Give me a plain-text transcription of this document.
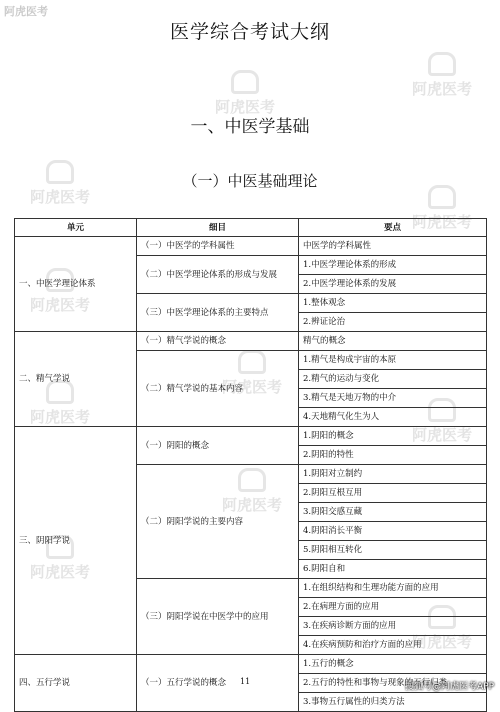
阿虎医考
阿虎医考
阿虎医考
阿虎医考
阿虎医考
阿虎医考
阿虎医考
阿虎医考
阿虎医考
阿虎医考
阿虎医考
阿虎医考
医学综合考试大纲
一、中医学基础
（一）中医基础理论
单元	细目	要点
一、中医学理论体系	（一）中医学的学科属性	中医学的学科属性
	（二）中医学理论体系的形成与发展	1.中医学理论体系的形成
		2.中医学理论体系的发展
	（三）中医学理论体系的主要特点	1.整体观念
		2.辨证论治
二、精气学说	（一）精气学说的概念	精气的概念
	（二）精气学说的基本内容	1.精气是构成宇宙的本原
		2.精气的运动与变化
		3.精气是天地万物的中介
		4.天地精气化生为人
三、阴阳学说	（一）阴阳的概念	1.阴阳的概念
		2.阴阳的特性
	（二）阴阳学说的主要内容	1.阴阳对立制约
		2.阴阳互根互用
		3.阴阳交感互藏
		4.阴阳消长平衡
		5.阴阳相互转化
		6.阴阳自和
	（三）阴阳学说在中医学中的应用	1.在组织结构和生理功能方面的应用
		2.在病理方面的应用
		3.在疾病诊断方面的应用
		4.在疾病预防和治疗方面的应用
四、五行学说	（一）五行学说的概念	1.五行的概念
		2.五行的特性和事物与现象的五行归类
		3.事物五行属性的归类方法
11
搜狐号@阿虎医考APP
